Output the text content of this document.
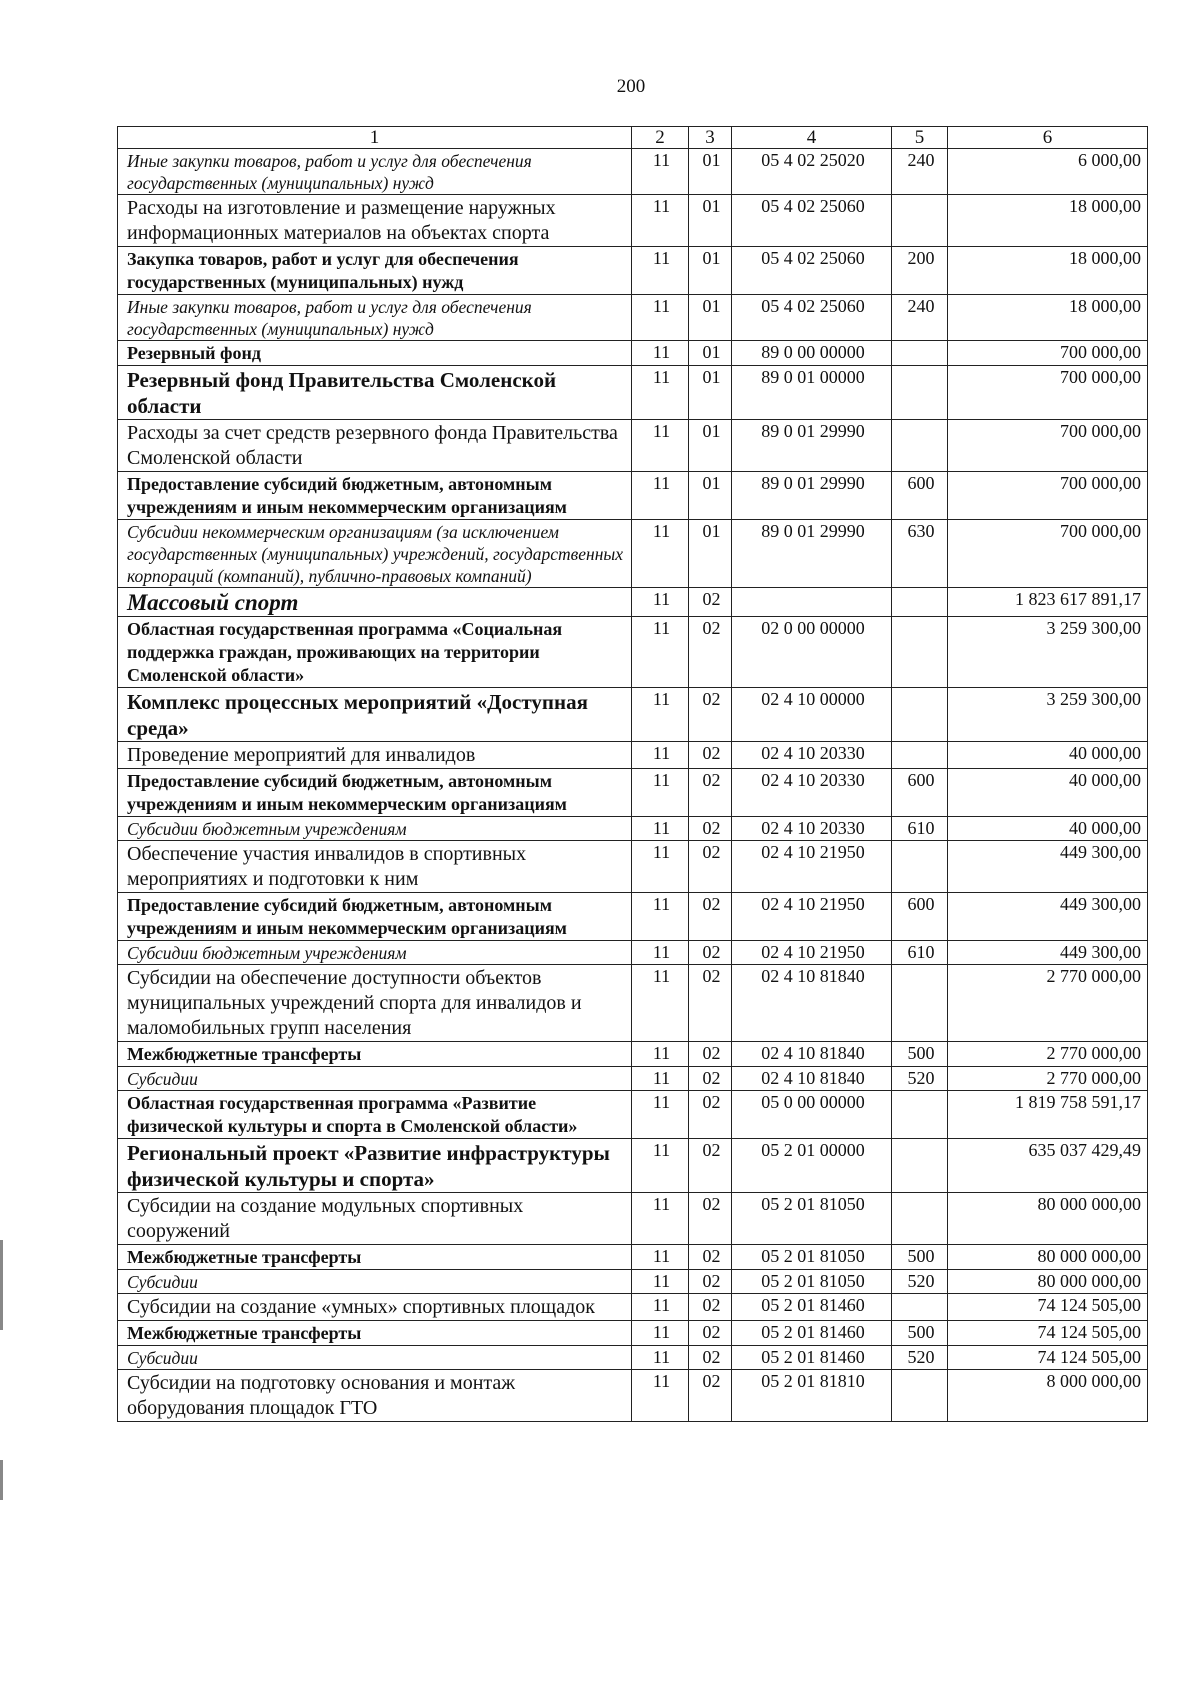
200
1	2	3	4	5	6
Иные закупки товаров, работ и услуг для обеспечения государственных (муниципальных) нужд	11	01	05 4 02 25020	240	6 000,00
Расходы на изготовление и размещение наружных информационных материалов на объектах спорта	11	01	05 4 02 25060		18 000,00
Закупка товаров, работ и услуг для обеспечения государственных (муниципальных) нужд	11	01	05 4 02 25060	200	18 000,00
Иные закупки товаров, работ и услуг для обеспечения государственных (муниципальных) нужд	11	01	05 4 02 25060	240	18 000,00
Резервный фонд	11	01	89 0 00 00000		700 000,00
Резервный фонд Правительства Смоленской области	11	01	89 0 01 00000		700 000,00
Расходы за счет средств резервного фонда Правительства Смоленской области	11	01	89 0 01 29990		700 000,00
Предоставление субсидий бюджетным, автономным учреждениям и иным некоммерческим организациям	11	01	89 0 01 29990	600	700 000,00
Субсидии некоммерческим организациям (за исключением государственных (муниципальных) учреждений, государственных корпораций (компаний), публично-правовых компаний)	11	01	89 0 01 29990	630	700 000,00
Массовый спорт	11	02			1 823 617 891,17
Областная государственная программа «Социальная поддержка граждан, проживающих на территории Смоленской области»	11	02	02 0 00 00000		3 259 300,00
Комплекс процессных мероприятий «Доступная среда»	11	02	02 4 10 00000		3 259 300,00
Проведение мероприятий для инвалидов	11	02	02 4 10 20330		40 000,00
Предоставление субсидий бюджетным, автономным учреждениям и иным некоммерческим организациям	11	02	02 4 10 20330	600	40 000,00
Субсидии бюджетным учреждениям	11	02	02 4 10 20330	610	40 000,00
Обеспечение участия инвалидов в спортивных мероприятиях и подготовки к ним	11	02	02 4 10 21950		449 300,00
Предоставление субсидий бюджетным, автономным учреждениям и иным некоммерческим организациям	11	02	02 4 10 21950	600	449 300,00
Субсидии бюджетным учреждениям	11	02	02 4 10 21950	610	449 300,00
Субсидии на обеспечение доступности объектов муниципальных учреждений спорта для инвалидов и маломобильных групп населения	11	02	02 4 10 81840		2 770 000,00
Межбюджетные трансферты	11	02	02 4 10 81840	500	2 770 000,00
Субсидии	11	02	02 4 10 81840	520	2 770 000,00
Областная государственная программа «Развитие физической культуры и спорта в Смоленской области»	11	02	05 0 00 00000		1 819 758 591,17
Региональный проект «Развитие инфраструктуры физической культуры и спорта»	11	02	05 2 01 00000		635 037 429,49
Субсидии на создание модульных спортивных сооружений	11	02	05 2 01 81050		80 000 000,00
Межбюджетные трансферты	11	02	05 2 01 81050	500	80 000 000,00
Субсидии	11	02	05 2 01 81050	520	80 000 000,00
Субсидии на создание «умных» спортивных площадок	11	02	05 2 01 81460		74 124 505,00
Межбюджетные трансферты	11	02	05 2 01 81460	500	74 124 505,00
Субсидии	11	02	05 2 01 81460	520	74 124 505,00
Субсидии на подготовку основания и монтаж оборудования площадок ГТО	11	02	05 2 01 81810		8 000 000,00
